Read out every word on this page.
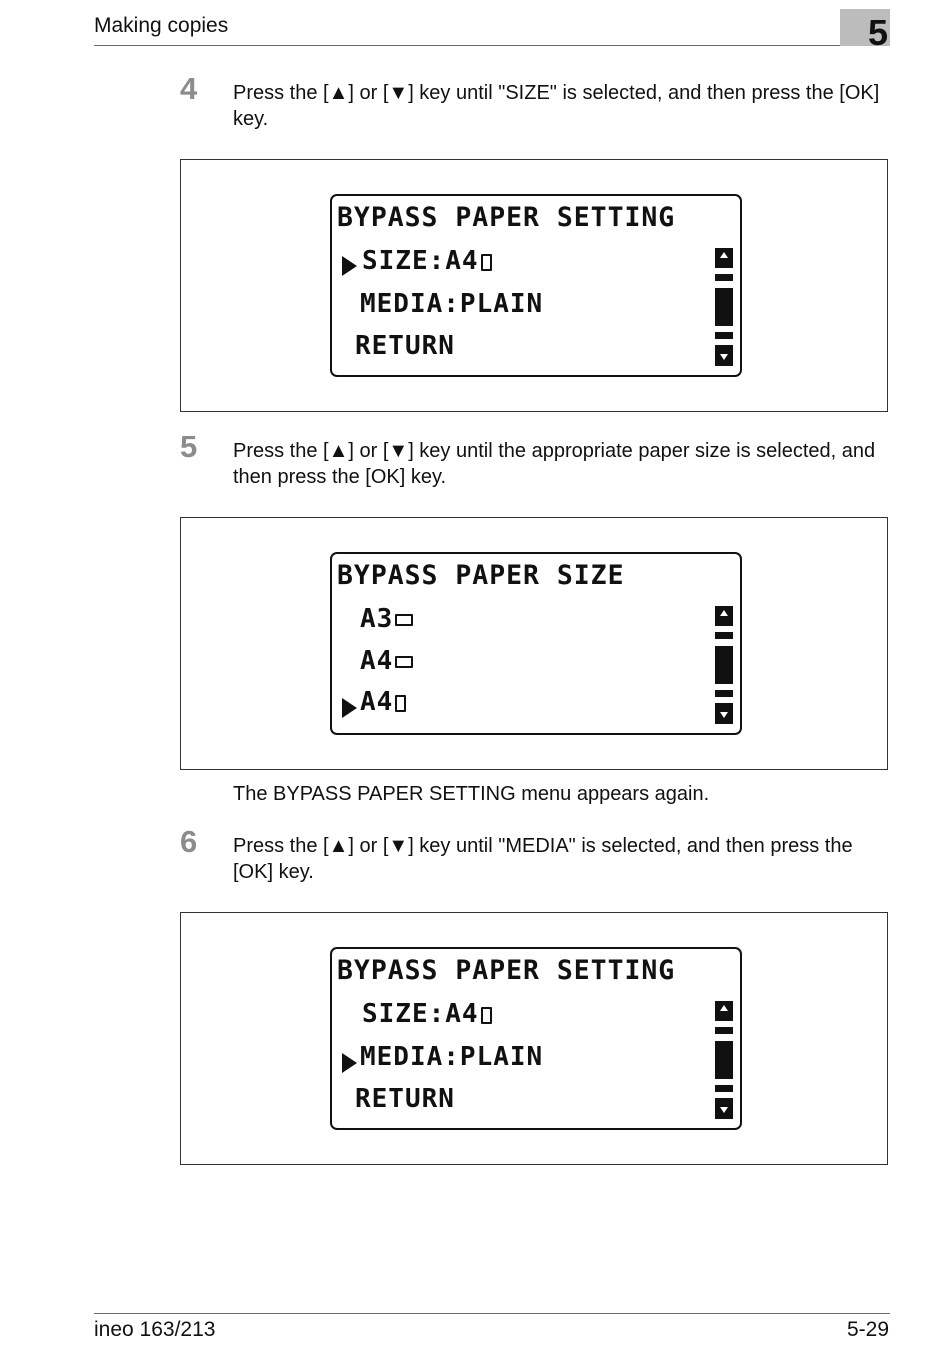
Making copies	5
4 Press the [▲] or [▼] key until "SIZE" is selected, and then press the [OK] key.
BYPASS PAPER SETTING
SIZE:A4
MEDIA:PLAIN
RETURN
5 Press the [▲] or [▼] key until the appropriate paper size is selected, and then press the [OK] key.
BYPASS PAPER SIZE
A3
A4
A4
The BYPASS PAPER SETTING menu appears again.
6 Press the [▲] or [▼] key until "MEDIA" is selected, and then press the [OK] key.
BYPASS PAPER SETTING
SIZE:A4
MEDIA:PLAIN
RETURN
ineo 163/213	5-29
